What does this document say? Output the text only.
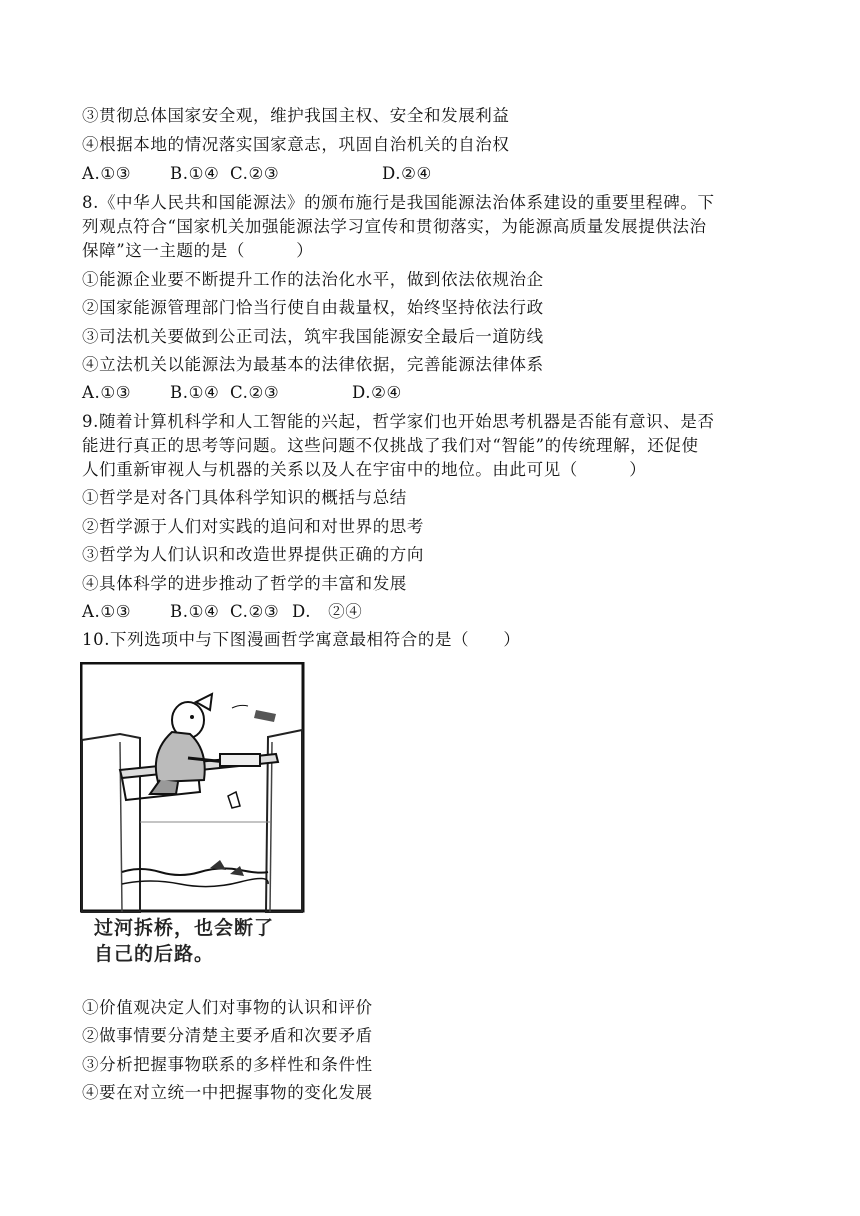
③贯彻总体国家安全观，维护我国主权、安全和发展利益
④根据本地的情况落实国家意志，巩固自治机关的自治权
A.①③	B.①④ C.②③	D.②④
8.《中华人民共和国能源法》的颁布施行是我国能源法治体系建设的重要里程碑。下
列观点符合“国家机关加强能源法学习宣传和贯彻落实，为能源高质量发展提供法治
保障”这一主题的是（　　　）
①能源企业要不断提升工作的法治化水平，做到依法依规治企
②国家能源管理部门恰当行使自由裁量权，始终坚持依法行政
③司法机关要做到公正司法，筑牢我国能源安全最后一道防线
④立法机关以能源法为最基本的法律依据，完善能源法律体系
A.①③	B.①④ C.②③	D.②④
9.随着计算机科学和人工智能的兴起，哲学家们也开始思考机器是否能有意识、是否
能进行真正的思考等问题。这些问题不仅挑战了我们对“智能”的传统理解，还促使
人们重新审视人与机器的关系以及人在宇宙中的地位。由此可见（　　　）
①哲学是对各门具体科学知识的概括与总结
②哲学源于人们对实践的追问和对世界的思考
③哲学为人们认识和改造世界提供正确的方向
④具体科学的进步推动了哲学的丰富和发展
A.①③	B.①④ C.②③ D.　②④
10.下列选项中与下图漫画哲学寓意最相符合的是（　　）
过河拆桥，也会断了
自己的后路。
①价值观决定人们对事物的认识和评价
②做事情要分清楚主要矛盾和次要矛盾
③分析把握事物联系的多样性和条件性
④要在对立统一中把握事物的变化发展
